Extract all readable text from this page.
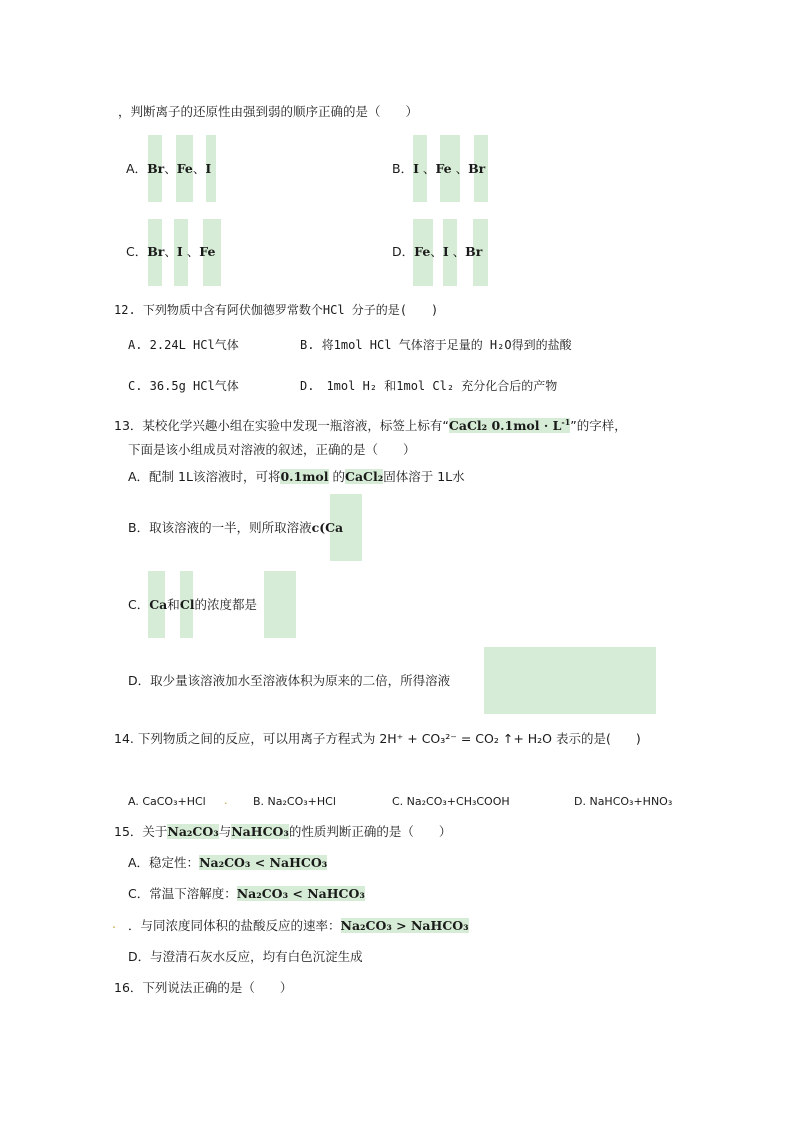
，判断离子的还原性由强到弱的顺序正确的是（　　）
A．Br、Fe、I	B．I 、Fe 、Br
C．Br、I 、Fe	D．Fe、I 、Br
12. 下列物质中含有阿伏伽德罗常数个HCl 分子的是(　　)
A. 2.24L HCl气体	B. 将1mol HCl 气体溶于足量的 H₂O得到的盐酸
C. 36.5g HCl气体	D.　1mol H₂ 和1mol Cl₂ 充分化合后的产物
13．某校化学兴趣小组在实验中发现一瓶溶液，标签上标有“CaCl₂ $0.1mol \cdot L^{-1}$”的字样，
下面是该小组成员对溶液的叙述，正确的是（　　）
A．配制 1L该溶液时，可将0.1mol 的CaCl₂固体溶于 1L水
B．取该溶液的一半，则所取溶液c(Ca
C．Ca和Cl的浓度都是
D．取少量该溶液加水至溶液体积为原来的二倍，所得溶液
14. 下列物质之间的反应，可以用离子方程式为 2H⁺ + CO₃²⁻ = CO₂ ↑+ H₂O 表示的是(　　)
A. CaCO₃+HCl . B. Na₂CO₃+HCl	C. Na₂CO₃+CH₃COOH	D. NaHCO₃+HNO₃
15．关于Na₂CO₃与NaHCO₃的性质判断正确的是（　　）
A．稳定性：Na₂CO₃ < NaHCO₃
C．常温下溶解度：Na₂CO₃ < NaHCO₃
. ．与同浓度同体积的盐酸反应的速率：Na₂CO₃ > NaHCO₃
D．与澄清石灰水反应，均有白色沉淀生成
16．下列说法正确的是（　　）
